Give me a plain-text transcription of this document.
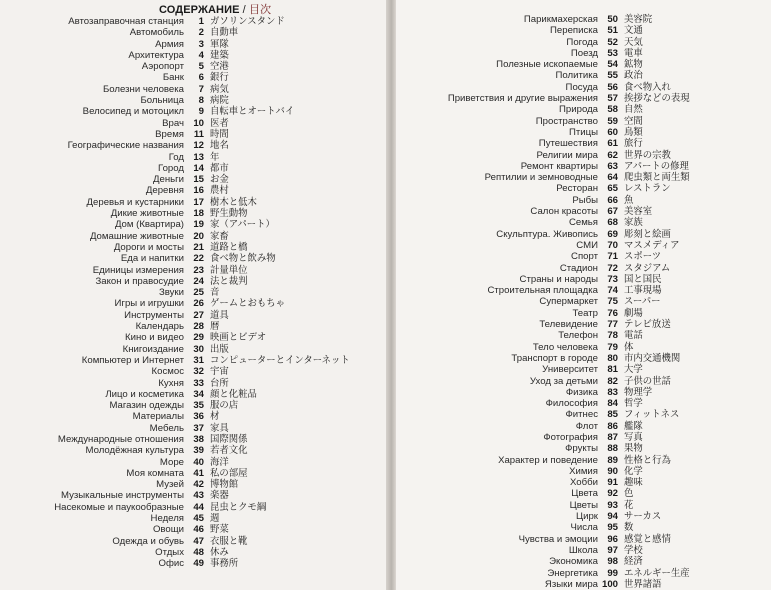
СОДЕРЖАНИЕ / 目次
Автозаправочная станция	1 ガソリンスタンド
Автомобиль	2 自動車
Армия	3 軍隊
Архитектура	4 建築
Аэропорт	5 空港
Банк	6 銀行
Болезни человека	7 病気
Больница	8 病院
Велосипед и мотоцикл	9 自転車とオートバイ
Врач 10 医者
Время	11 時間
Географические названия 12 地名
Год 13 年
Город 14 都市
Деньги 15 お金
Деревня 16 農村
Деревья и кустарники 17 樹木と低木
Дикие животные 18 野生動物
Дом (Квартира) 19 家（アパート）
Домашние животные 20 家畜
Дороги и мосты 21 道路と橋
Еда и напитки 22 食べ物と飲み物
Единицы измерения 23 計量単位
Закон и правосудие 24 法と裁判
Звуки 25 音
Игры и игрушки 26 ゲームとおもちゃ
Инструменты 27 道具
Календарь 28 暦
Кино и видео 29 映画とビデオ
Книгоиздание 30 出版
Компьютер и Интернет 31 コンピューターとインターネット
Космос 32 宇宙
Кухня 33 台所
Лицо и косметика 34 顔と化粧品
Магазин одежды 35 服の店
Материалы 36 材
Мебель 37 家具
Международные отношения 38 国際関係
Молодёжная культура 39 若者文化
Море 40 海洋
Моя комната 41 私の部屋
Музей 42 博物館
Музыкальные инструменты 43 楽器
Насекомые и паукообразные 44 昆虫とクモ綱
Неделя 45 週
Овощи 46 野菜
Одежда и обувь 47 衣服と靴
Отдых 48 休み
Офис 49 事務所
Парикмахерская 50 美容院
Переписка 51 文通
Погода 52 天気
Поезд 53 電車
Полезные ископаемые 54 鉱物
Политика 55 政治
Посуда 56 食べ物入れ
Приветствия и другие выражения 57 挨拶などの表現
Природа 58 自然
Пространство 59 空間
Птицы 60 鳥類
Путешествия 61 旅行
Религии мира 62 世界の宗教
Ремонт квартиры 63 アパートの修理
Рептилии и земноводные 64 爬虫類と両生類
Ресторан 65 レストラン
Рыбы 66 魚
Салон красоты 67 美容室
Семья 68 家族
Скульптура. Живопись 69 彫刻と絵画
СМИ 70 マスメディア
Спорт 71 スポーツ
Стадион 72 スタジアム
Страны и народы 73 国と国民
Строительная площадка 74 工事現場
Супермаркет 75 スーパー
Театр 76 劇場
Телевидение 77 テレビ放送
Телефон 78 電話
Тело человека 79 体
Транспорт в городе 80 市内交通機関
Университет 81 大学
Уход за детьми 82 子供の世話
Физика 83 物理学
Философия 84 哲学
Фитнес 85 フィットネス
Флот 86 艦隊
Фотография 87 写真
Фрукты 88 果物
Характер и поведение 89 性格と行為
Химия 90 化学
Хобби 91 趣味
Цвета 92 色
Цветы 93 花
Цирк 94 サーカス
Числа 95 数
Чувства и эмоции 96 感覚と感情
Школа 97 学校
Экономика 98 経済
Энергетика 99 エネルギー生産
Языки мира 100 世界諸語
